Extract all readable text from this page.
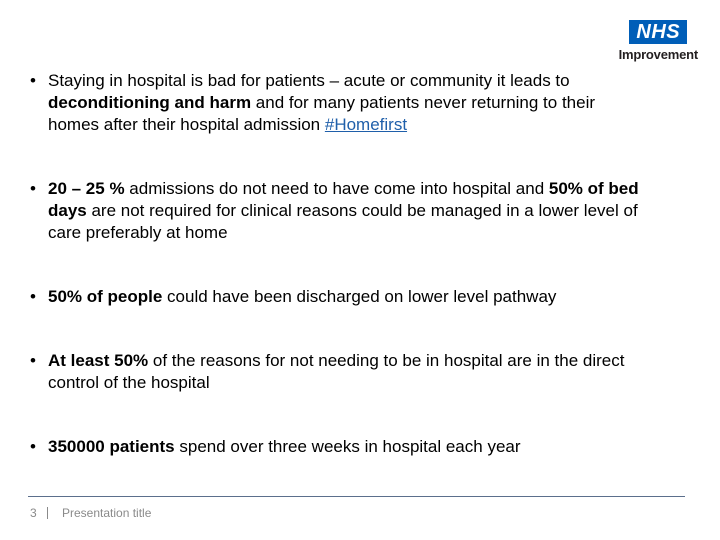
NHS
Improvement
• Staying in hospital is bad for patients – acute or community it leads to deconditioning and harm and for many patients never returning to their homes after their hospital admission #Homefirst
• 20 – 25 % admissions do not need to have come into hospital and 50% of bed days are not required for clinical reasons could be managed in a lower level of care preferably at home
• 50% of people could have been discharged on lower level pathway
• At least 50% of the reasons for not needing to be in hospital are in the direct control of the hospital
• 350000 patients spend over three weeks in hospital each year
3 Presentation title
